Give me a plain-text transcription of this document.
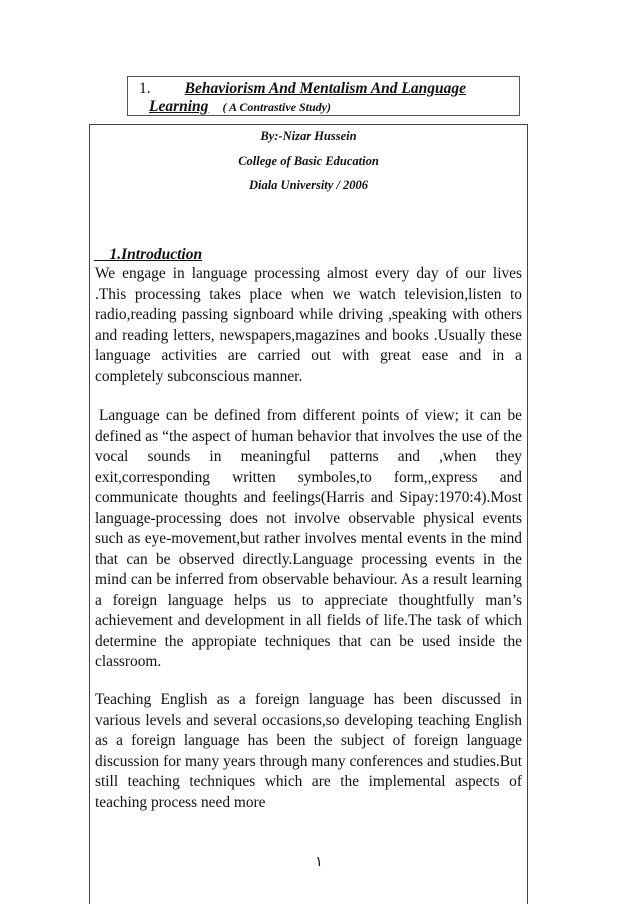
1. Behaviorism And Mentalism And Language
Learning ( A Contrastive Study)
By:-Nizar Hussein
College of Basic Education
Diala University / 2006
1.Introduction
We engage in language processing almost every day of our lives .This processing takes place when we watch television,listen to radio,reading passing signboard while driving ,speaking with others and reading letters, newspapers,magazines and books .Usually these language activities are carried out with great ease and in a completely subconscious manner.
Language can be defined from different points of view; it can be defined as “the aspect of human behavior that involves the use of the vocal sounds in meaningful patterns and ,when they exit,corresponding written symboles,to form,,express and communicate thoughts and feelings(Harris and Sipay:1970:4).Most language-processing does not involve observable physical events such as eye-movement,but rather involves mental events in the mind that can be observed directly.Language processing events in the mind can be inferred from observable behaviour. As a result learning a foreign language helps us to appreciate thoughtfully man’s achievement and development in all fields of life.The task of which determine the appropiate techniques that can be used inside the classroom.
Teaching English as a foreign language has been discussed in various levels and several occasions,so developing teaching English as a foreign language has been the subject of foreign language discussion for many years through many conferences and studies.But still teaching techniques which are the implemental aspects of teaching process need more
١
